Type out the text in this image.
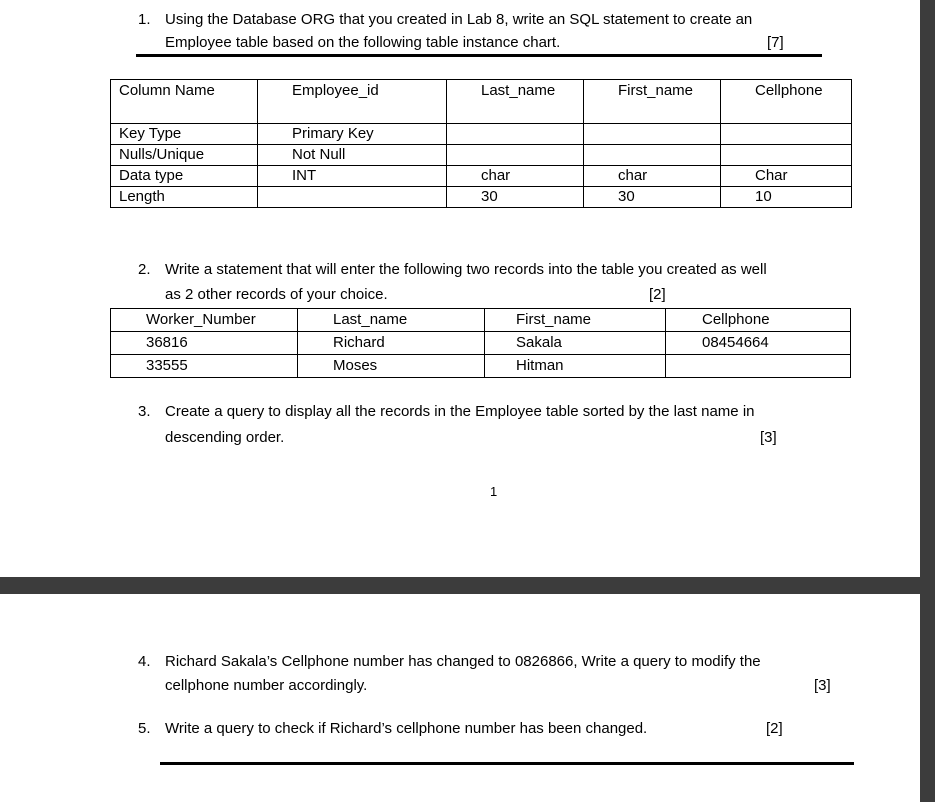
1. Using the Database ORG that you created in Lab 8, write an SQL statement to create an
Employee table based on the following table instance chart.	[7]
Column Name	Employee_id	Last_name	First_name	Cellphone
Key Type	Primary Key			
Nulls/Unique	Not Null			
Data type	INT	char	char	Char
Length		30	30	10
2. Write a statement that will enter the following two records into the table you created as well
as 2 other records of your choice.	[2]
Worker_Number	Last_name	First_name	Cellphone
36816	Richard	Sakala	08454664
33555	Moses	Hitman	
3. Create a query to display all the records in the Employee table sorted by the last name in
descending order.	[3]
1
4. Richard Sakala’s Cellphone number has changed to 0826866, Write a query to modify the
cellphone number accordingly.	[3]
5. Write a query to check if Richard’s cellphone number has been changed.	[2]
